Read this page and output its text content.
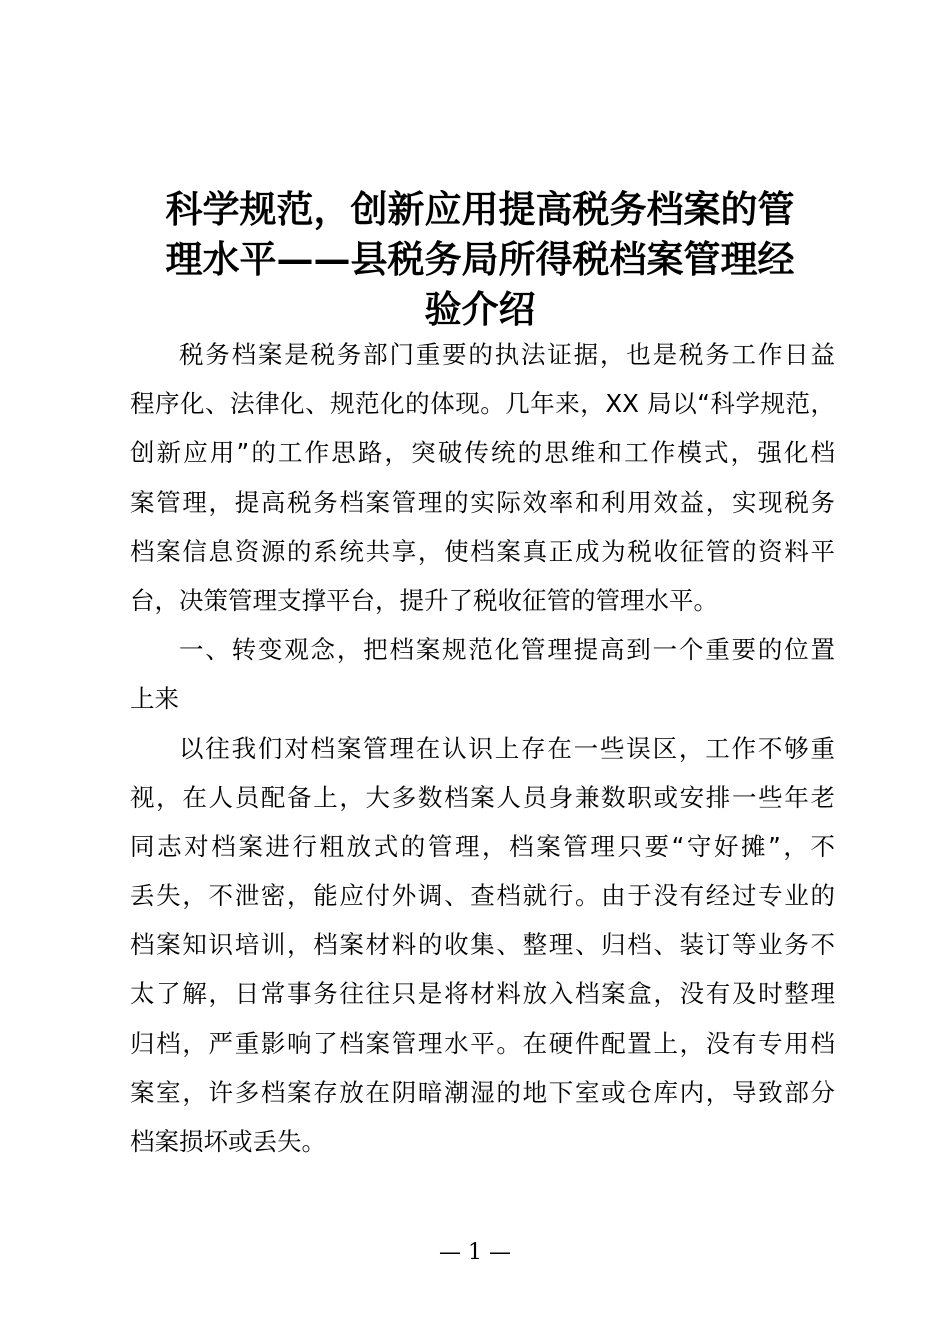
科学规范，创新应用提高税务档案的管
理水平——县税务局所得税档案管理经
验介绍
税务档案是税务部门重要的执法证据，也是税务工作日益
程序化、法律化、规范化的体现。几年来，XX 局以“科学规范，
创新应用”的工作思路，突破传统的思维和工作模式，强化档
案管理，提高税务档案管理的实际效率和利用效益，实现税务
档案信息资源的系统共享，使档案真正成为税收征管的资料平
台，决策管理支撑平台，提升了税收征管的管理水平。
一、转变观念，把档案规范化管理提高到一个重要的位置
上来
以往我们对档案管理在认识上存在一些误区，工作不够重
视，在人员配备上，大多数档案人员身兼数职或安排一些年老
同志对档案进行粗放式的管理，档案管理只要“守好摊”，不
丢失，不泄密，能应付外调、查档就行。由于没有经过专业的
档案知识培训，档案材料的收集、整理、归档、装订等业务不
太了解，日常事务往往只是将材料放入档案盒，没有及时整理
归档，严重影响了档案管理水平。在硬件配置上，没有专用档
案室，许多档案存放在阴暗潮湿的地下室或仓库内，导致部分
档案损坏或丢失。
— 1 —
